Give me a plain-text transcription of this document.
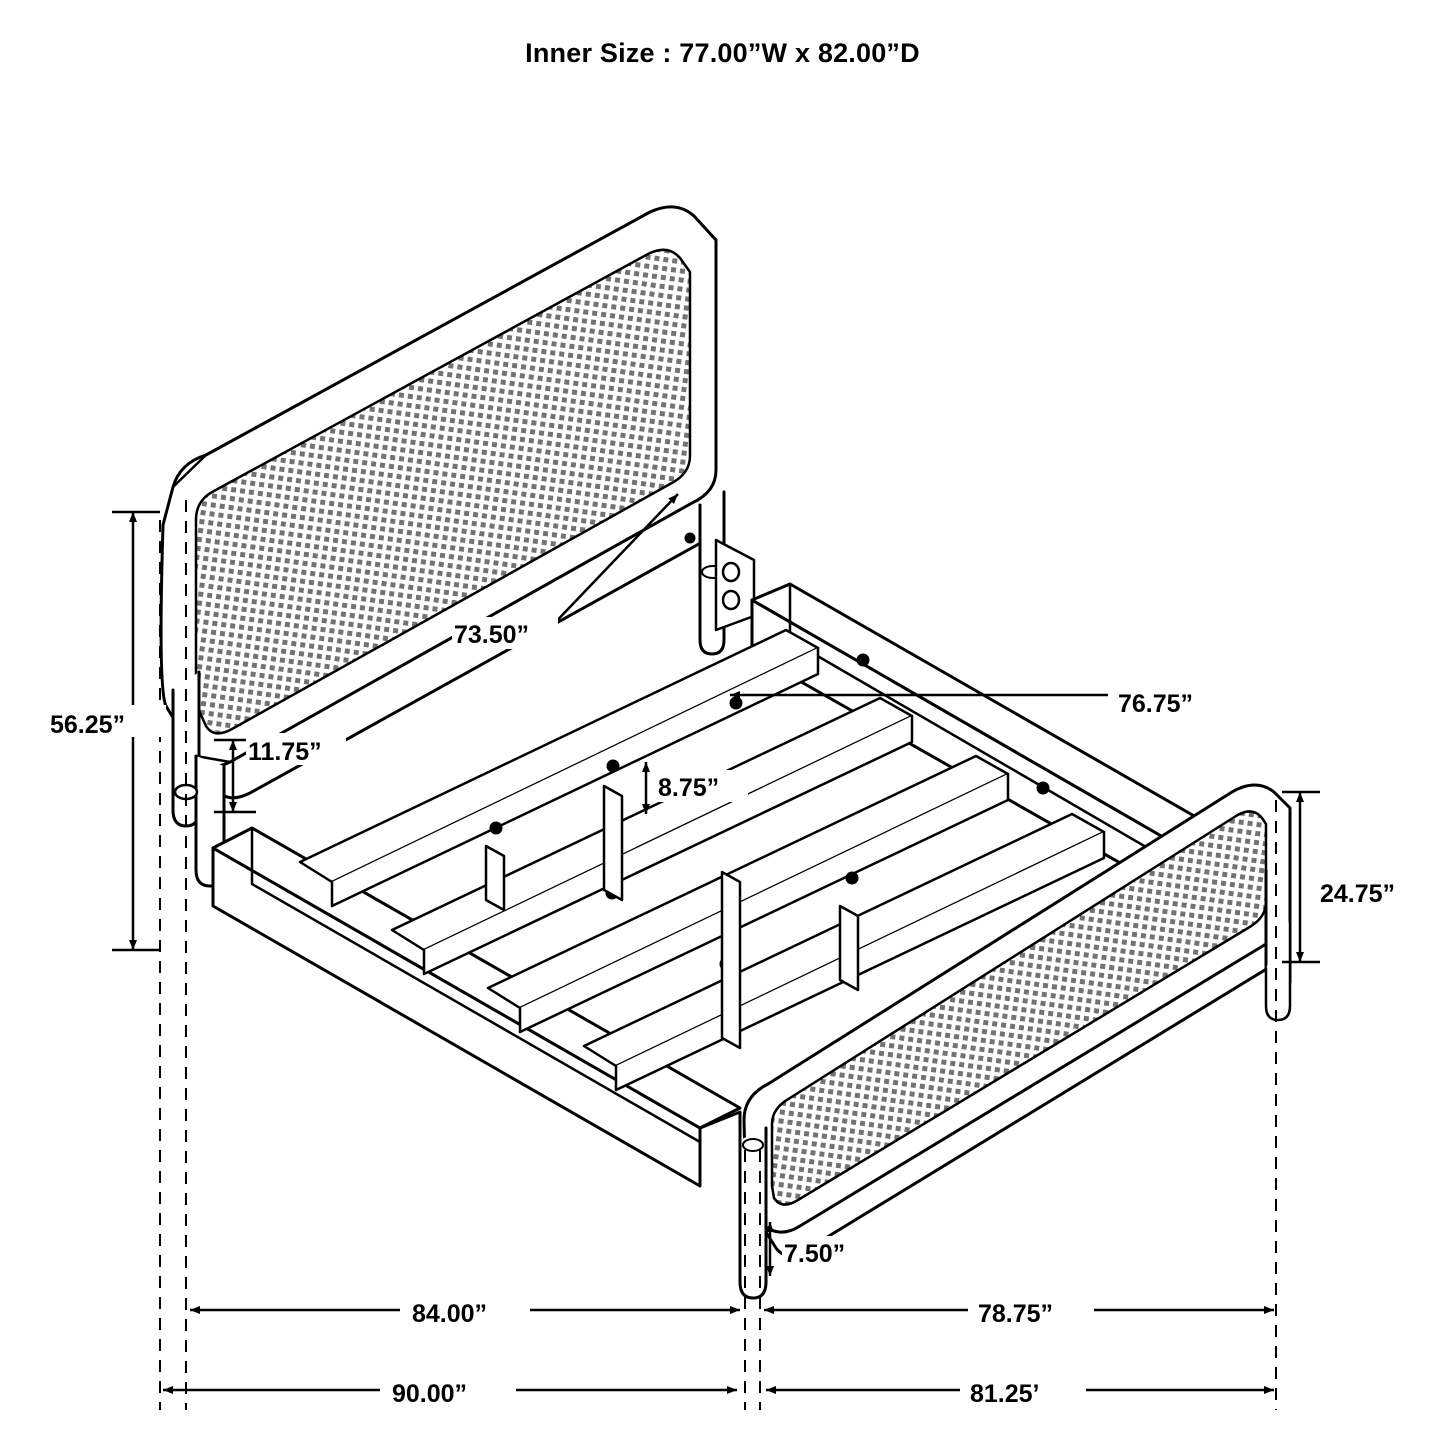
Inner Size : 77.00”W x 82.00”D
56.25”
11.75”
73.50”
8.75”
76.75”
24.75”
7.50”
84.00”	78.75”
90.00”	81.25’
